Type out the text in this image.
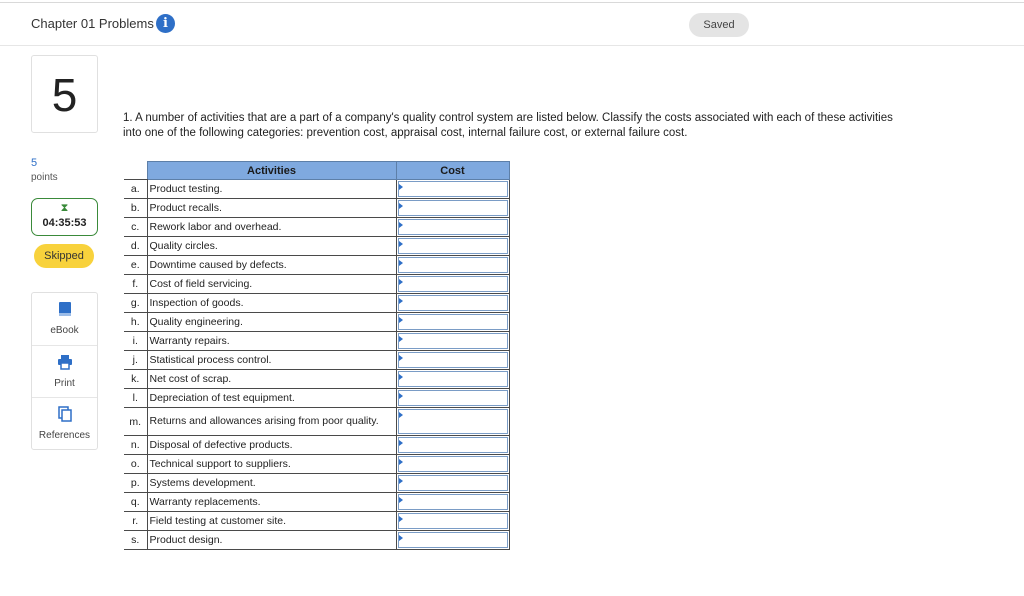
Chapter 01 Problems i	Saved
5
5
points
⧗
04:35:53
Skipped
eBook
Print
References
1. A number of activities that are a part of a company's quality control system are listed below. Classify the costs associated with each of these activities into one of the following categories: prevention cost, appraisal cost, internal failure cost, or external failure cost.
	Activities	Cost
a.	Product testing.	

b.	Product recalls.	

c.	Rework labor and overhead.	

d.	Quality circles.	

e.	Downtime caused by defects.	

f.	Cost of field servicing.	

g.	Inspection of goods.	

h.	Quality engineering.	

i.	Warranty repairs.	

j.	Statistical process control.	

k.	Net cost of scrap.	

l.	Depreciation of test equipment.	

m.	Returns and allowances arising from poor quality.	

n.	Disposal of defective products.	

o.	Technical support to suppliers.	

p.	Systems development.	

q.	Warranty replacements.	

r.	Field testing at customer site.	

s.	Product design.	
